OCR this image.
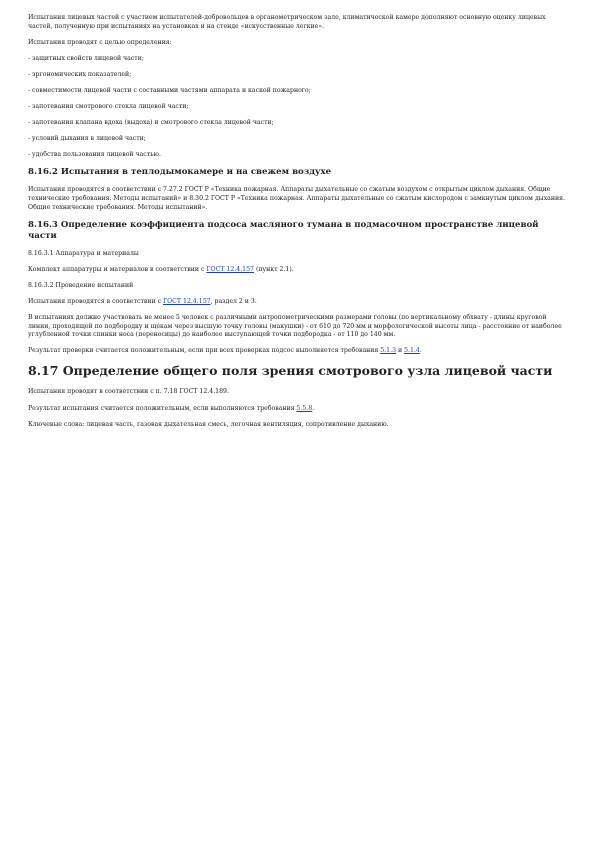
Испытания лицевых частей с участием испытателей-добровольцев в органометрическом зале, климатической камере дополняют основную оценку лицевых частей, полученную при испытаниях на установках и на стенде «искусственные легкие».

Испытания проводят с целью определения:

- защитных свойств лицевой части;

- эргономических показателей;

- совместимости лицевой части с составными частями аппарата и каской пожарного;

- запотевания смотрового стекла лицевой части;

- запотевания клапана вдоха (выдоха) и смотрового стекла лицевой части;

- условий дыхания в лицевой части;

- удобства пользования лицевой частью.

8.16.2 Испытания в теплодымокамере и на свежем воздухе

Испытания проводятся в соответствии с 7.27.2 ГОСТ Р «Техника пожарная. Аппараты дыхательные со сжатым воздухом с открытым циклом дыхания. Общие технические требования. Методы испытаний» и 8.30.2 ГОСТ Р «Техника пожарная. Аппараты дыхательные со сжатым кислородом с замкнутым циклом дыхания. Общие технические требования. Методы испытаний».

8.16.3 Определение коэффициента подсоса масляного тумана в подмасочном пространстве лицевой части

8.16.3.1 Аппаратура и материалы

Комплект аппаратуры и материалов в соответствии с ГОСТ 12.4.157 (пункт 2.1).

8.16.3.2 Проведение испытаний

Испытания проводятся в соответствии с ГОСТ 12.4.157, раздел 2 и 3.

В испытаниях должно участвовать не менее 5 человек с различными антропометрическими размерами головы (по вертикальному обхвату - длины круговой линии, проходящей по подбородку и щекам через высшую точку головы (макушки) - от 610 до 720 мм и морфологической высоты лица - расстояние от наиболее углубленной точки спинки носа (переносицы) до наиболее выступающей точки подбородка - от 110 до 140 мм.

Результат проверки считается положительным, если при всех проверках подсос выполняется требования 5.1.3 и 5.1.4.

8.17 Определение общего поля зрения смотрового узла лицевой части

Испытания проводят в соответствии с п. 7.18 ГОСТ 12.4.189.

Результат испытания считается положительным, если выполняются требования 5.5.8.

Ключевые слова: лицевая часть, газовая дыхательная смесь, легочная вентиляция, сопротивление дыханию.
